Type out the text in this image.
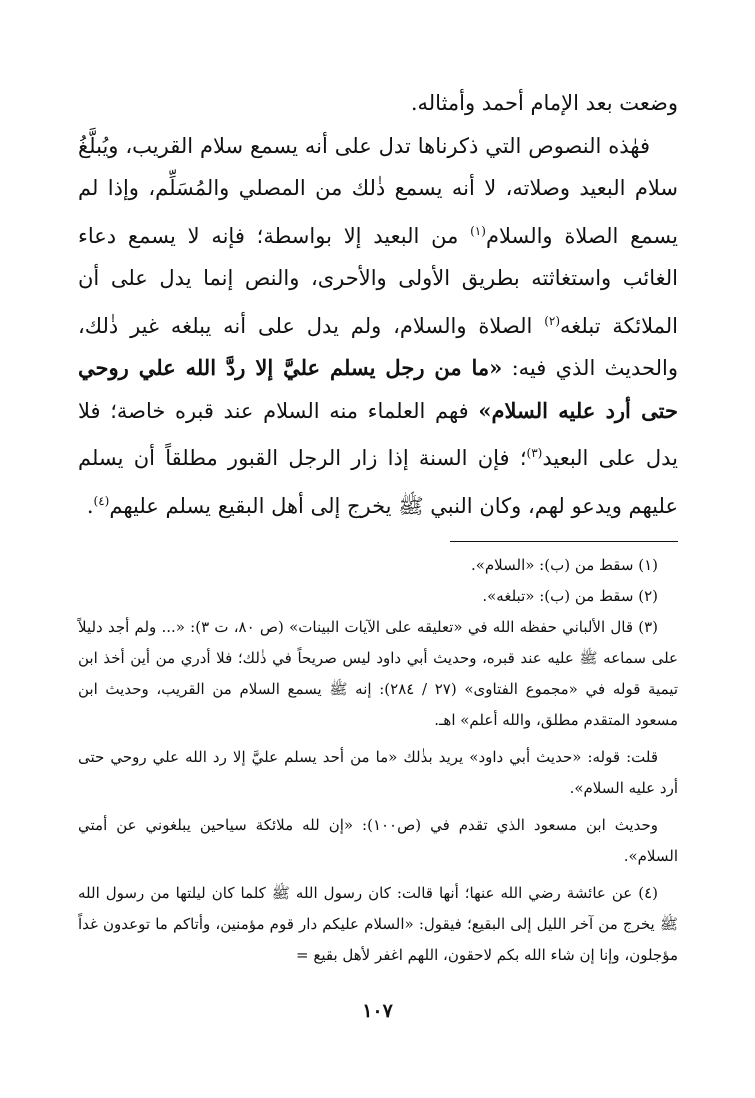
وضعت بعد الإمام أحمد وأمثاله.

فهٰذه النصوص التي ذكرناها تدل على أنه يسمع سلام القريب، ويُبلَّغُ سلام البعيد وصلاته، لا أنه يسمع ذٰلك من المصلي والمُسَلِّم، وإذا لم يسمع الصلاة والسلام$^{(١)}$ من البعيد إلا بواسطة؛ فإنه لا يسمع دعاء الغائب واستغاثته بطريق الأولى والأحرى، والنص إنما يدل على أن الملائكة تبلغه$^{(٢)}$ الصلاة والسلام، ولم يدل على أنه يبلغه غير ذٰلك، والحديث الذي فيه: «ما من رجل يسلم عليَّ إلا ردَّ الله علي روحي حتى أرد عليه السلام» فهم العلماء منه السلام عند قبره خاصة؛ فلا يدل على البعيد$^{(٣)}$؛ فإن السنة إذا زار الرجل القبور مطلقاً أن يسلم عليهم ويدعو لهم، وكان النبي ﷺ يخرج إلى أهل البقيع يسلم عليهم$^{(٤)}$.

(١) سقط من (ب): «السلام».

(٢) سقط من (ب): «تبلغه».

(٣) قال الألباني حفظه الله في «تعليقه على الآيات البينات» (ص ٨٠، ت ٣): «... ولم أجد دليلاً على سماعه ﷺ عليه عند قبره، وحديث أبي داود ليس صريحاً في ذٰلك؛ فلا أدري من أين أخذ ابن تيمية قوله في «مجموع الفتاوى» (٢٧ / ٢٨٤): إنه ﷺ يسمع السلام من القريب، وحديث ابن مسعود المتقدم مطلق، والله أعلم» اهـ.

قلت: قوله: «حديث أبي داود» يريد بذٰلك «ما من أحد يسلم عليَّ إلا رد الله علي روحي حتى أرد عليه السلام».

وحديث ابن مسعود الذي تقدم في (ص١٠٠): «إن لله ملائكة سياحين يبلغوني عن أمتي السلام».

(٤) عن عائشة رضي الله عنها؛ أنها قالت: كان رسول الله ﷺ كلما كان ليلتها من رسول الله ﷺ يخرج من آخر الليل إلى البقيع؛ فيقول: «السلام عليكم دار قوم مؤمنين، وأتاكم ما توعدون غداً مؤجلون، وإنا إن شاء الله بكم لاحقون، اللهم اغفر لأهل بقيع =

١٠٧
